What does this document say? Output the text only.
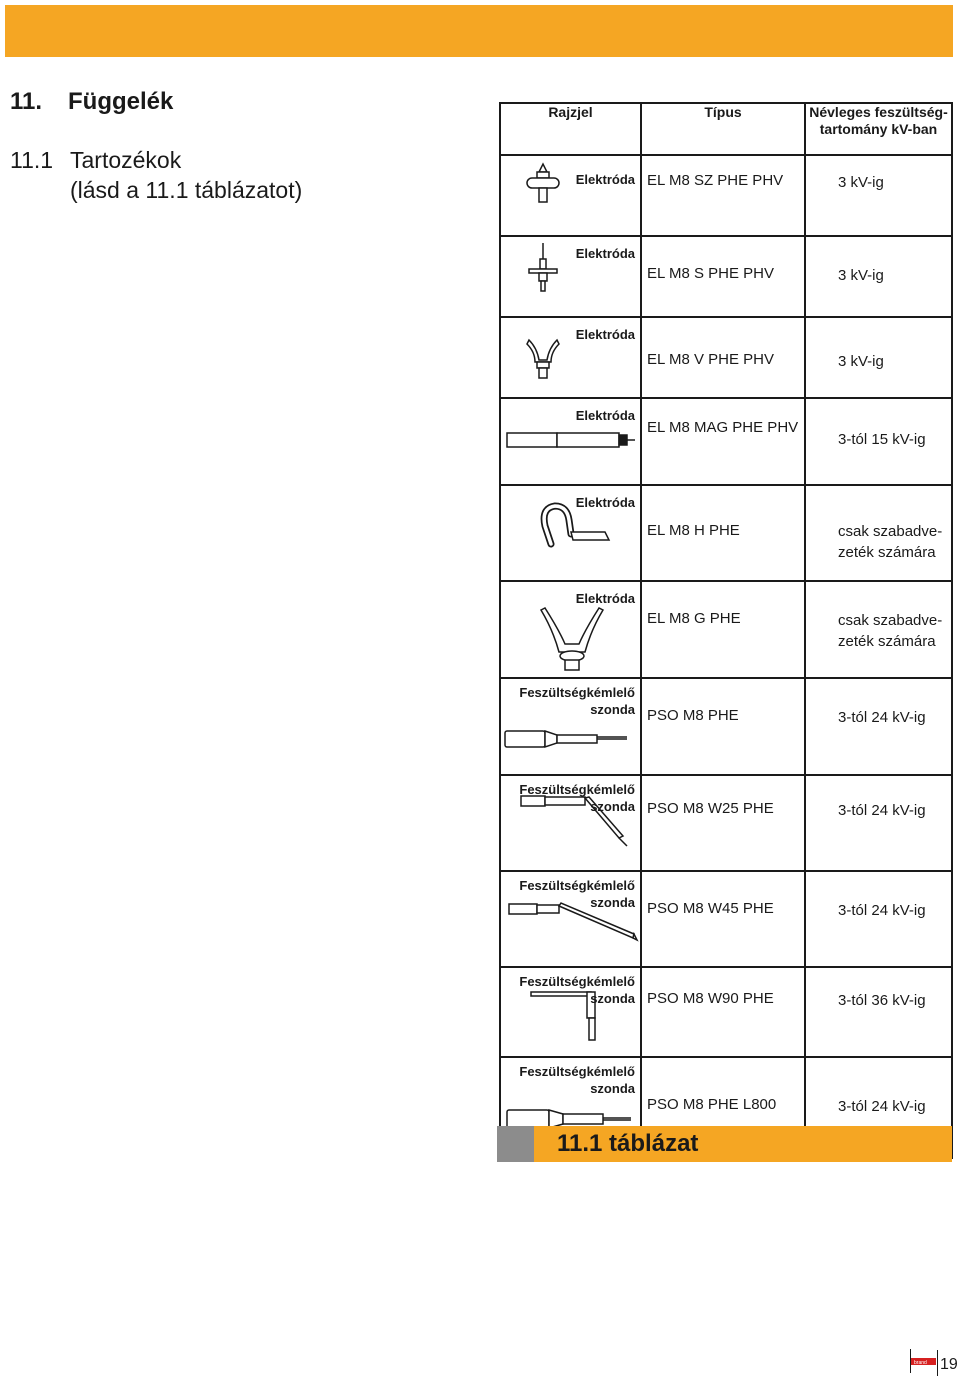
11. Függelék
11.1 Tartozékok
(lásd a 11.1 táblázatot)
Rajzjel	Típus	Névleges feszültség-
tartomány kV-ban

Elektróda	EL M8 SZ PHE PHV	3 kV-ig

Elektróda	EL M8 S PHE PHV	3 kV-ig

Elektróda	EL M8 V PHE PHV	3 kV-ig

Elektróda	EL M8 MAG PHE PHV	3-tól 15 kV-ig

Elektróda	EL M8 H PHE	csak szabadve-
zeték számára

Elektróda	EL M8 G PHE	csak szabadve-
zeték számára

Feszültségkémlelő
szonda	PSO M8 PHE	3-tól 24 kV-ig

Feszültségkémlelő
szonda	PSO M8 W25 PHE	3-tól 24 kV-ig

Feszültségkémlelő
szonda	PSO M8 W45 PHE	3-tól 24 kV-ig

Feszültségkémlelő
szonda	PSO M8 W90 PHE	3-tól 36 kV-ig

Feszültségkémlelő
szonda	PSO M8 PHE L800	3-tól 24 kV-ig
11.1 táblázat
brand 19
